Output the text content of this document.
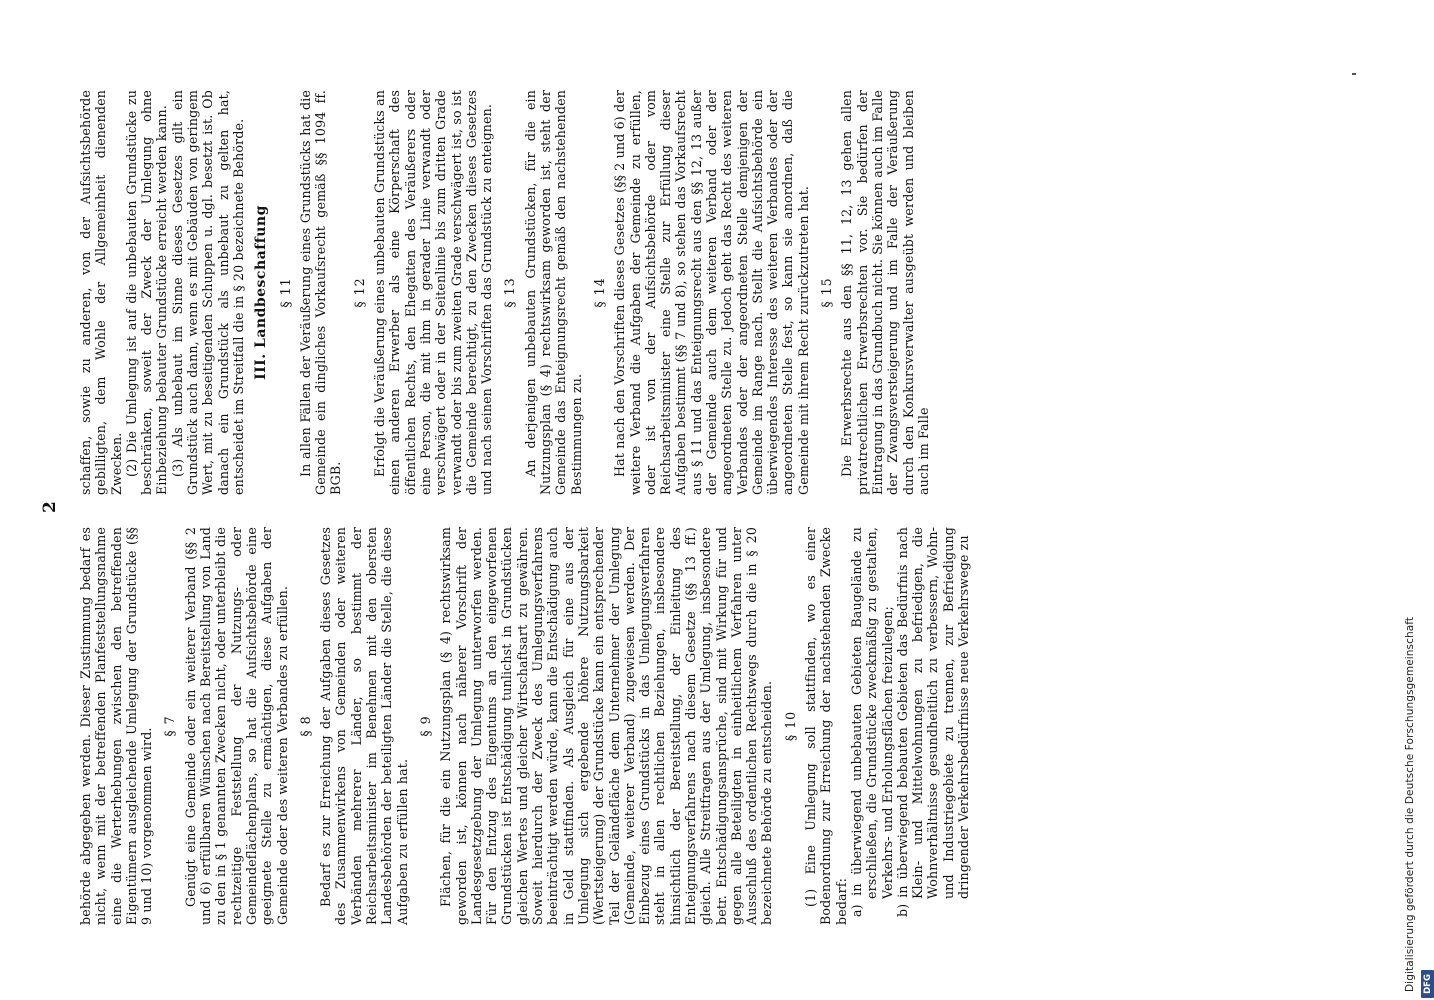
2

behörde abgegeben werden. Dieser Zustimmung bedarf es nicht, wenn mit der betreffenden Planfeststellungsnahme eine die Werterhebungen zwischen den betreffenden Eigentümern ausgleichende Umlegung der Grundstücke (§§ 9 und 10) vorgenommen wird.

§ 7 Genügt eine Gemeinde oder ein weiterer Verband (§§ 2 und 6) erfüllbaren Wünschen nach Bereitstellung von Land zu den in § 1 genannten Zwecken nicht, oder unterbleibt die rechtzeitige Feststellung der Nutzungs- oder Gemeindeflächenplans, so hat die Aufsichtsbehörde eine geeignete Stelle zu ermächtigen, diese Aufgaben der Gemeinde oder des weiteren Verbandes zu erfüllen. § 8 Bedarf es zur Erreichung der Aufgaben dieses Gesetzes des Zusammenwirkens von Gemeinden oder weiteren Verbänden mehrerer Länder, so bestimmt der Reichsarbeitsminister im Benehmen mit den obersten Landesbehörden der beteiligten Länder die Stelle, die diese Aufgaben zu erfüllen hat.

§ 9 Flächen, für die ein Nutzungsplan (§ 4) rechtswirksam geworden ist, können nach näherer Vorschrift der Landesgesetzgebung der Umlegung unterworfen werden. Für den Entzug des Eigentums an den eingeworfenen Grundstücken ist Entschädigung tunlichst in Grundstücken gleichen Wertes und gleicher Wirtschaftsart zu gewähren. Soweit hierdurch der Zweck des Umlegungsverfahrens beeinträchtigt werden würde, kann die Entschädigung auch in Geld stattfinden. Als Ausgleich für eine aus der Umlegung sich ergebende höhere Nutzungsbarkeit (Wertsteigerung) der Grundstücke kann ein entsprechender Teil der Geländefläche dem Unternehmer der Umlegung (Gemeinde, weiterer Verband) zugewiesen werden. Der Einbezug eines Grundstücks in das Umlegungsverfahren steht in allen rechtlichen Beziehungen, insbesondere hinsichtlich der Bereitstellung, der Einleitung des Enteignungsverfahrens nach diesem Gesetze (§§ 13 ff.) gleich. Alle Streitfragen aus der Umlegung, insbesondere betr. Entschädigungsansprüche, sind mit Wirkung für und gegen alle Beteiligten in einheitlichem Verfahren unter Ausschluß des ordentlichen Rechtswegs durch die in § 20 bezeichnete Behörde zu entscheiden. § 10 (1) Eine Umlegung soll stattfinden, wo es einer Bodenordnung zur Erreichung der nachstehenden Zwecke bedarf: a) in überwiegend unbebauten Gebieten Baugelände zu erschließen, die Grundstücke zweckmäßig zu gestalten, Verkehrs- und Erholungsflächen freizulegen; b) in überwiegend bebauten Gebieten das Bedürfnis nach Klein- und Mittelwohnungen zu befriedigen, die Wohnverhältnisse gesundheitlich zu verbessern, Wohn- und Industriegebiete zu trennen, zur Befriedigung dringender Verkehrsbedürfnisse neue Verkehrswege zu

schaffen, sowie zu anderen, von der Aufsichtsbehörde gebilligten, dem Wohle der Allgemeinheit dienenden Zwecken. (2) Die Umlegung ist auf die unbebauten Grundstücke zu beschränken, soweit der Zweck der Umlegung ohne Einbeziehung bebauter Grundstücke erreicht werden kann. (3) Als unbebaut im Sinne dieses Gesetzes gilt ein Grundstück auch dann, wenn es mit Gebäuden von geringem Wert, mit zu beseitigenden Schuppen u. dgl. besetzt ist. Ob danach ein Grundstück als unbebaut zu gelten hat, entscheidet im Streitfall die in § 20 bezeichnete Behörde. III. Landbeschaffung § 11 In allen Fällen der Veräußerung eines Grundstücks hat die Gemeinde ein dingliches Vorkaufsrecht gemäß §§ 1094 ff. BGB.

§ 12 Erfolgt die Veräußerung eines unbebauten Grundstücks an einen anderen Erwerber als eine Körperschaft des öffentlichen Rechts, den Ehegatten des Veräußerers oder eine Person, die mit ihm in gerader Linie verwandt oder verschwägert oder in der Seitenlinie bis zum dritten Grade verwandt oder bis zum zweiten Grade verschwägert ist, so ist die Gemeinde berechtigt, zu den Zwecken dieses Gesetzes und nach seinen Vorschriften das Grundstück zu enteignen. § 13 An derjenigen unbebauten Grundstücken, für die ein Nutzungsplan (§ 4) rechtswirksam geworden ist, steht der Gemeinde das Enteignungsrecht gemäß den nachstehenden Bestimmungen zu.

§ 14 Hat nach den Vorschriften dieses Gesetzes (§§ 2 und 6) der weitere Verband die Aufgaben der Gemeinde zu erfüllen, oder ist von der Aufsichtsbehörde oder vom Reichsarbeitsminister eine Stelle zur Erfüllung dieser Aufgaben bestimmt (§§ 7 und 8), so stehen das Vorkaufsrecht aus § 11 und das Enteignungsrecht aus den §§ 12, 13 außer der Gemeinde auch dem weiteren Verband oder der angeordneten Stelle zu. Jedoch geht das Recht des weiteren Verbandes oder der angeordneten Stelle demjenigen der Gemeinde im Range nach. Stellt die Aufsichtsbehörde ein überwiegendes Interesse des weiteren Verbandes oder der angeordneten Stelle fest, so kann sie anordnen, daß die Gemeinde mit ihrem Recht zurückzutreten hat. § 15 Die Erwerbsrechte aus den §§ 11, 12, 13 gehen allen privatrechtlichen Erwerbsrechten vor. Sie bedürfen der Eintragung in das Grundbuch nicht. Sie können auch im Falle der Zwangsversteigerung und im Falle der Veräußerung durch den Konkursverwalter ausgeübt werden und bleiben auch im Falle

Digitalisierung gefördert durch die Deutsche Forschungsgemeinschaft DFG
